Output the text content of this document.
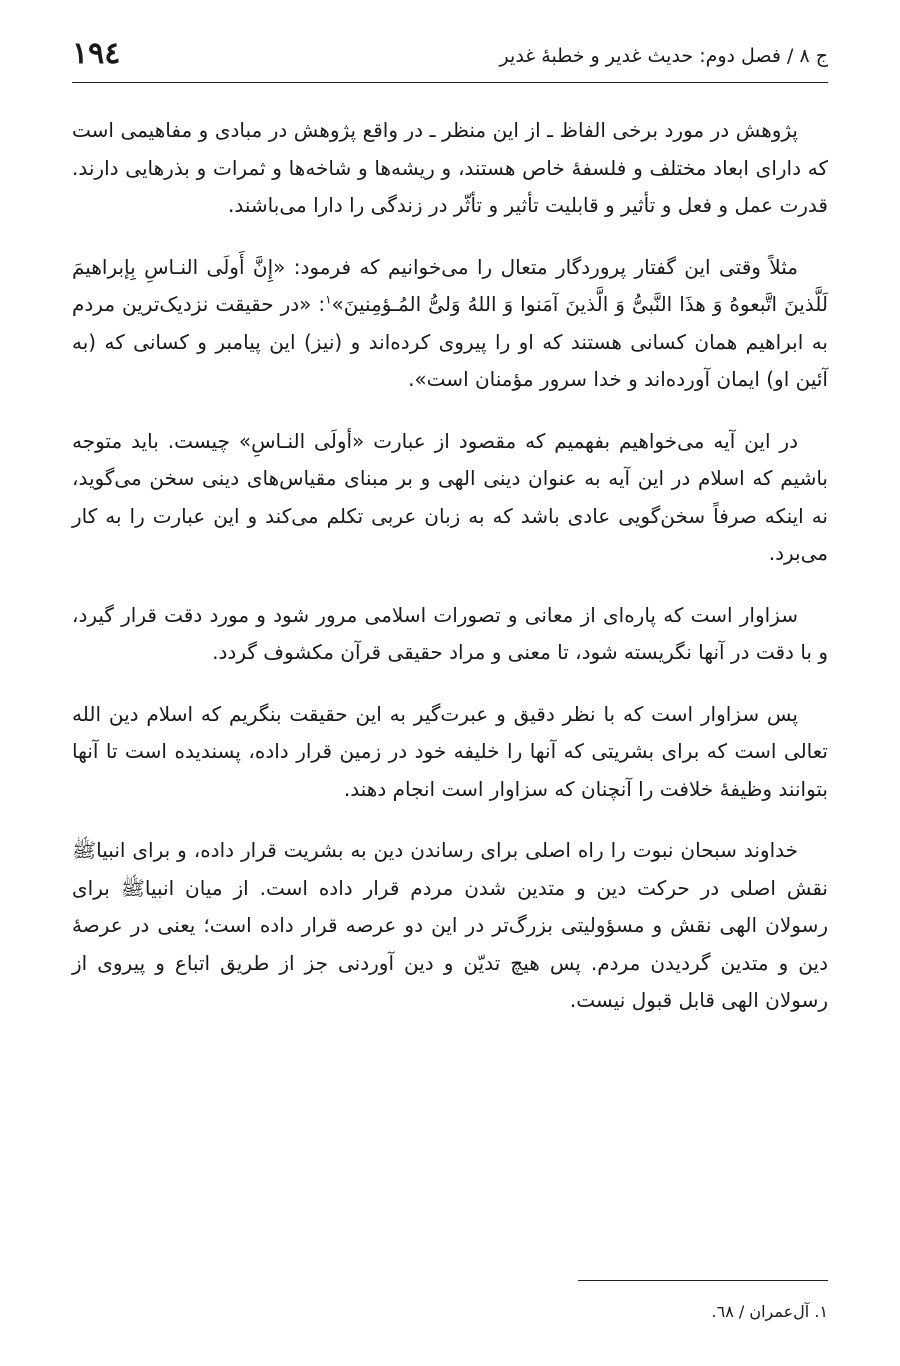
١٩٤	ج ٨ / فصل دوم: حدیث غدیر و خطبهٔ غدیر

پژوهش در مورد برخی الفاظ ـ از این منظر ـ در واقع پژوهش در مبادی و مفاهیمی است که دارای ابعاد مختلف و فلسفهٔ خاص هستند، و ریشه‌ها و شاخه‌ها و ثمرات و بذرهایی دارند. قدرت عمل و فعل و تأثیر و قابلیت تأثیر و تأثّر در زندگی را دارا می‌باشند.

مثلاً وقتی این گفتار پروردگار متعال را می‌خوانیم که فرمود: «إِنَّ أَولَی النـاسِ بِإبراهیمَ لَلَّذینَ اتَّبعوهُ وَ هذَا النَّبیُّ وَ الَّذینَ آمَنوا وَ اللهُ وَلیُّ المُـؤمِنینَ»$^١$: «در حقیقت نزدیک‌ترین مردم به ابراهیم همان کسانی هستند که او را پیروی کرده‌اند و (نیز) این پیامبر و کسانی که (به آئین او) ایمان آورده‌اند و خدا سرور مؤمنان است».

در این آیه می‌خواهیم بفهمیم که مقصود از عبارت «أولَی النـاسِ» چیست. باید متوجه باشیم که اسلام در این آیه به عنوان دینی الهی و بر مبنای مقیاس‌های دینی سخن می‌گوید، نه اینکه صرفاً سخن‌گویی عادی باشد که به زبان عربی تکلم می‌کند و این عبارت را به کار می‌برد.

سزاوار است که پاره‌ای از معانی و تصورات اسلامی مرور شود و مورد دقت قرار گیرد، و با دقت در آنها نگریسته شود، تا معنی و مراد حقیقی قرآن مکشوف گردد.

پس سزاوار است که با نظر دقیق و عبرت‌گیر به این حقیقت بنگریم که اسلام دین الله تعالی است که برای بشریتی که آنها را خلیفه خود در زمین قرار داده، پسندیده است تا آنها بتوانند وظیفهٔ خلافت را آنچنان که سزاوار است انجام دهند.

خداوند سبحان نبوت را راه اصلی برای رساندن دین به بشریت قرار داده، و برای انبیاﷺ نقش اصلی در حرکت دین و متدین شدن مردم قرار داده است. از میان انبیاﷺ برای رسولان الهی نقش و مسؤولیتی بزرگ‌تر در این دو عرصه قرار داده است؛ یعنی در عرصهٔ دین و متدین گردیدن مردم. پس هیچ تدیّن و دین آوردنی جز از طریق اتباع و پیروی از رسولان الهی قابل قبول نیست.

١. آل‌عمران / ٦٨.
